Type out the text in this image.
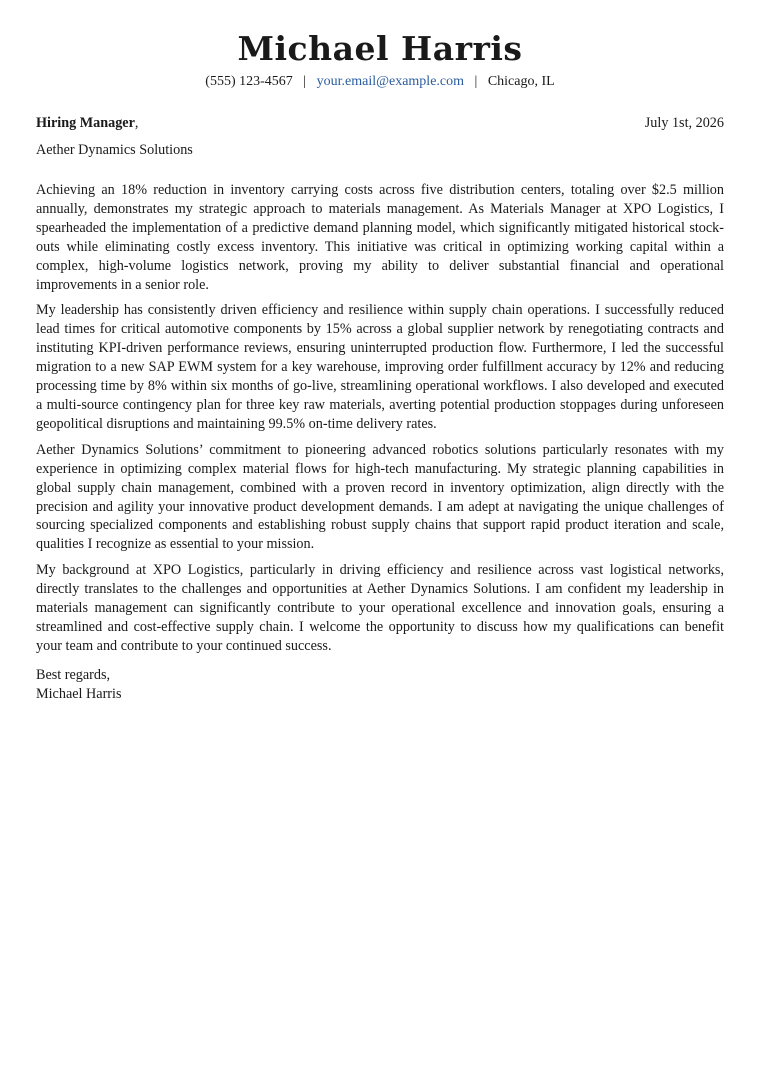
Michael Harris
(555) 123-4567 | your.email@example.com | Chicago, IL
Hiring Manager,	July 1st, 2026
Aether Dynamics Solutions

Achieving an 18% reduction in inventory carrying costs across five distribution centers, totaling over $2.5 million annually, demonstrates my strategic approach to materials management. As Materials Manager at XPO Logistics, I spearheaded the implementation of a predictive demand planning model, which significantly mitigated historical stock-outs while eliminating costly excess inventory. This initiative was critical in optimizing working capital within a complex, high-volume logistics network, proving my ability to deliver substantial financial and operational improvements in a senior role.

My leadership has consistently driven efficiency and resilience within supply chain operations. I successfully reduced lead times for critical automotive components by 15% across a global supplier network by renegotiating contracts and instituting KPI-driven performance reviews, ensuring uninterrupted production flow. Furthermore, I led the successful migration to a new SAP EWM system for a key warehouse, improving order fulfillment accuracy by 12% and reducing processing time by 8% within six months of go-live, streamlining operational workflows. I also developed and executed a multi-source contingency plan for three key raw materials, averting potential production stoppages during unforeseen geopolitical disruptions and maintaining 99.5% on-time delivery rates.

Aether Dynamics Solutions’ commitment to pioneering advanced robotics solutions particularly resonates with my experience in optimizing complex material flows for high-tech manufacturing. My strategic planning capabilities in global supply chain management, combined with a proven record in inventory optimization, align directly with the precision and agility your innovative product development demands. I am adept at navigating the unique challenges of sourcing specialized components and establishing robust supply chains that support rapid product iteration and scale, qualities I recognize as essential to your mission.

My background at XPO Logistics, particularly in driving efficiency and resilience across vast logistical networks, directly translates to the challenges and opportunities at Aether Dynamics Solutions. I am confident my leadership in materials management can significantly contribute to your operational excellence and innovation goals, ensuring a streamlined and cost-effective supply chain. I welcome the opportunity to discuss how my qualifications can benefit your team and contribute to your continued success.

Best regards,
Michael Harris
